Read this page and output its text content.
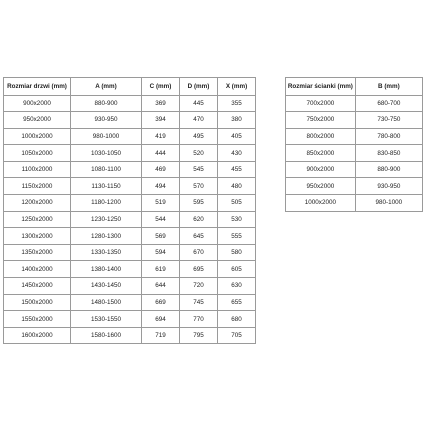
Rozmiar drzwi (mm)	A (mm)	C (mm)	D (mm)	X (mm)
900x2000	880-900	369	445	355
950x2000	930-950	394	470	380
1000x2000	980-1000	419	495	405
1050x2000	1030-1050	444	520	430
1100x2000	1080-1100	469	545	455
1150x2000	1130-1150	494	570	480
1200x2000	1180-1200	519	595	505
1250x2000	1230-1250	544	620	530
1300x2000	1280-1300	569	645	555
1350x2000	1330-1350	594	670	580
1400x2000	1380-1400	619	695	605
1450x2000	1430-1450	644	720	630
1500x2000	1480-1500	669	745	655
1550x2000	1530-1550	694	770	680
1600x2000	1580-1600	719	795	705
Rozmiar ścianki (mm)	B (mm)
700x2000	680-700
750x2000	730-750
800x2000	780-800
850x2000	830-850
900x2000	880-900
950x2000	930-950
1000x2000	980-1000
